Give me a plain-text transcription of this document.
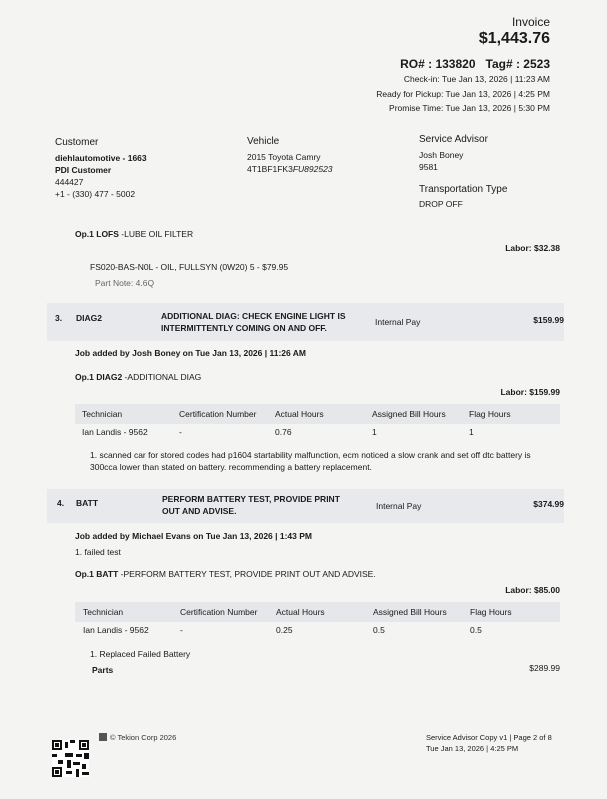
Invoice
$1,443.76
RO# : 133820 Tag# : 2523
Check-in: Tue Jan 13, 2026 | 11:23 AM
Ready for Pickup: Tue Jan 13, 2026 | 4:25 PM
Promise Time: Tue Jan 13, 2026 | 5:30 PM
Customer
diehlautomotive - 1663
PDI Customer
444427
+1 - (330) 477 - 5002
Vehicle
2015 Toyota Camry
4T1BF1FK3FU892523
Service Advisor
Josh Boney
9581
Transportation Type
DROP OFF
Op.1 LOFS -LUBE OIL FILTER
Labor: $32.38
FS020-BAS-N0L - OIL, FULLSYN (0W20) 5 - $79.95
Part Note: 4.6Q
3. DIAG2	ADDITIONAL DIAG: CHECK ENGINE LIGHT IS
INTERMITTENTLY COMING ON AND OFF.
Internal Pay	$159.99
Job added by Josh Boney on Tue Jan 13, 2026 | 11:26 AM
Op.1 DIAG2 -ADDITIONAL DIAG
Labor: $159.99
Technician	Certification Number Actual Hours	Assigned Bill Hours	Flag Hours
Ian Landis - 9562	-	0.76	1	1
1. scanned car for stored codes had p1604 startability malfunction, ecm noticed a slow crank and set off dtc battery is
300cca lower than stated on battery. recommending a battery replacement.
4. BATT	PERFORM BATTERY TEST, PROVIDE PRINT
OUT AND ADVISE.	Internal Pay	$374.99
Job added by Michael Evans on Tue Jan 13, 2026 | 1:43 PM
1. failed test
Op.1 BATT -PERFORM BATTERY TEST, PROVIDE PRINT OUT AND ADVISE.
Labor: $85.00
Technician	Certification Number Actual Hours	Assigned Bill Hours	Flag Hours
Ian Landis - 9562	-	0.25	0.5	0.5
1. Replaced Failed Battery
Parts	$289.99
© Tekion Corp 2026	Service Advisor Copy v1 | Page 2 of 8
Tue Jan 13, 2026 | 4:25 PM
